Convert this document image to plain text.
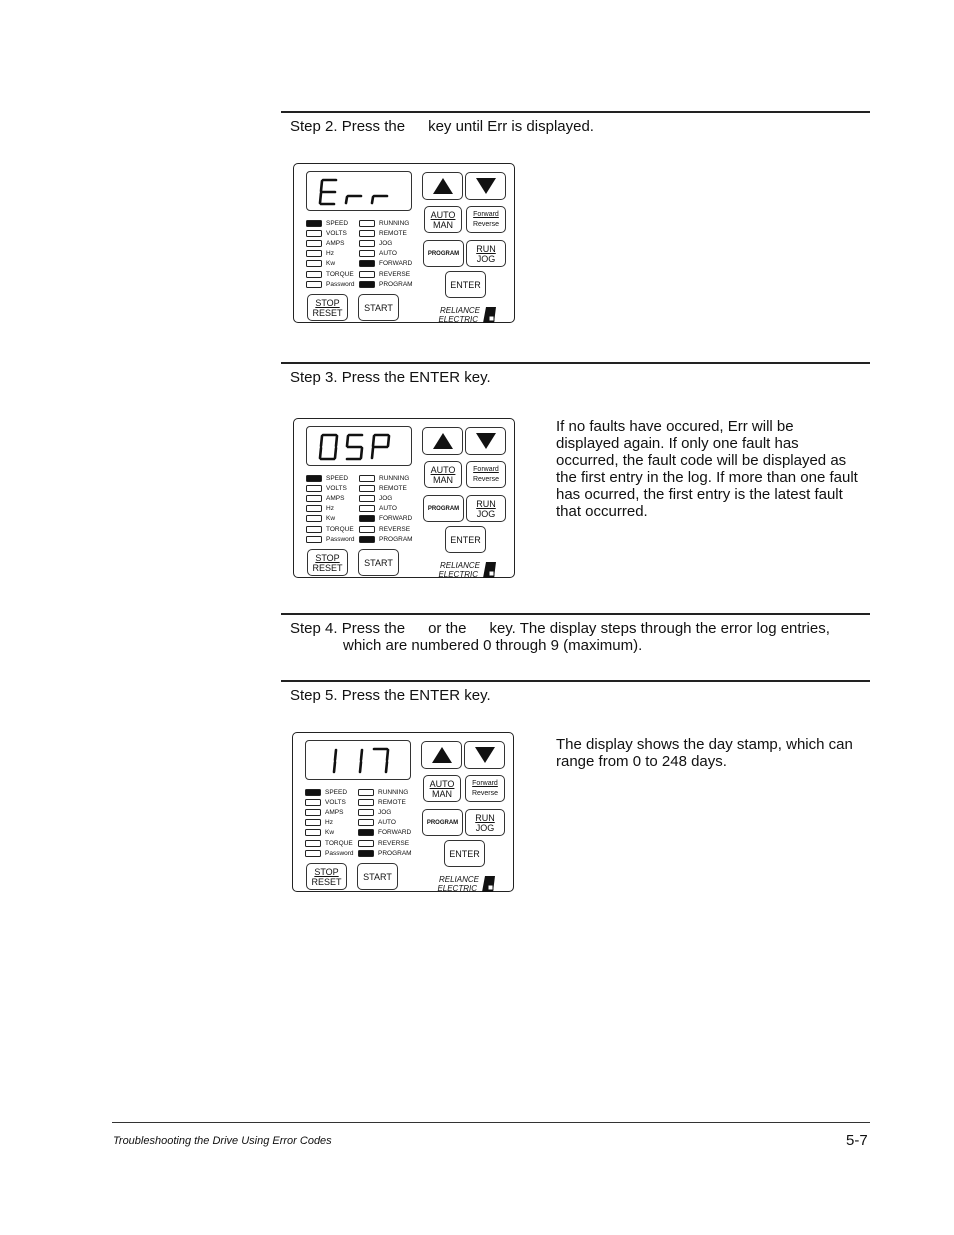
Step 2. Press the key until Err is displayed.
AUTO
MAN
Forward
Reverse
PROGRAM RUN
JOG
ENTER
STOP
RESET START	RELIANCE
ELECTRIC
SPEED
VOLTS
AMPS
Hz
Kw
TORQUE
Password
RUNNING
REMOTE
JOG
AUTO
FORWARD
REVERSE
PROGRAM
Step 3. Press the ENTER key.
AUTO
MAN
Forward
Reverse
PROGRAM RUN
JOG
ENTER
STOP
RESET START	RELIANCE
ELECTRIC
SPEED
VOLTS
AMPS
Hz
Kw
TORQUE
Password
RUNNING
REMOTE
JOG
AUTO
FORWARD
REVERSE
PROGRAM
If no faults have occured, Err will be displayed again. If only one fault has occurred, the fault code will be displayed as the first entry in the log. If more than one fault has ocurred, the first entry is the latest fault that occurred.
Step 4. Press the or the key. The display steps through the error log entries,
which are numbered 0 through 9 (maximum).
Step 5. Press the ENTER key.
AUTO
MAN
Forward
Reverse
PROGRAM RUN
JOG
ENTER
STOP
RESET START	RELIANCE
ELECTRIC
SPEED
VOLTS
AMPS
Hz
Kw
TORQUE
Password
RUNNING
REMOTE
JOG
AUTO
FORWARD
REVERSE
PROGRAM
The display shows the day stamp, which can range from 0 to 248 days.
Troubleshooting the Drive Using Error Codes	5-7
